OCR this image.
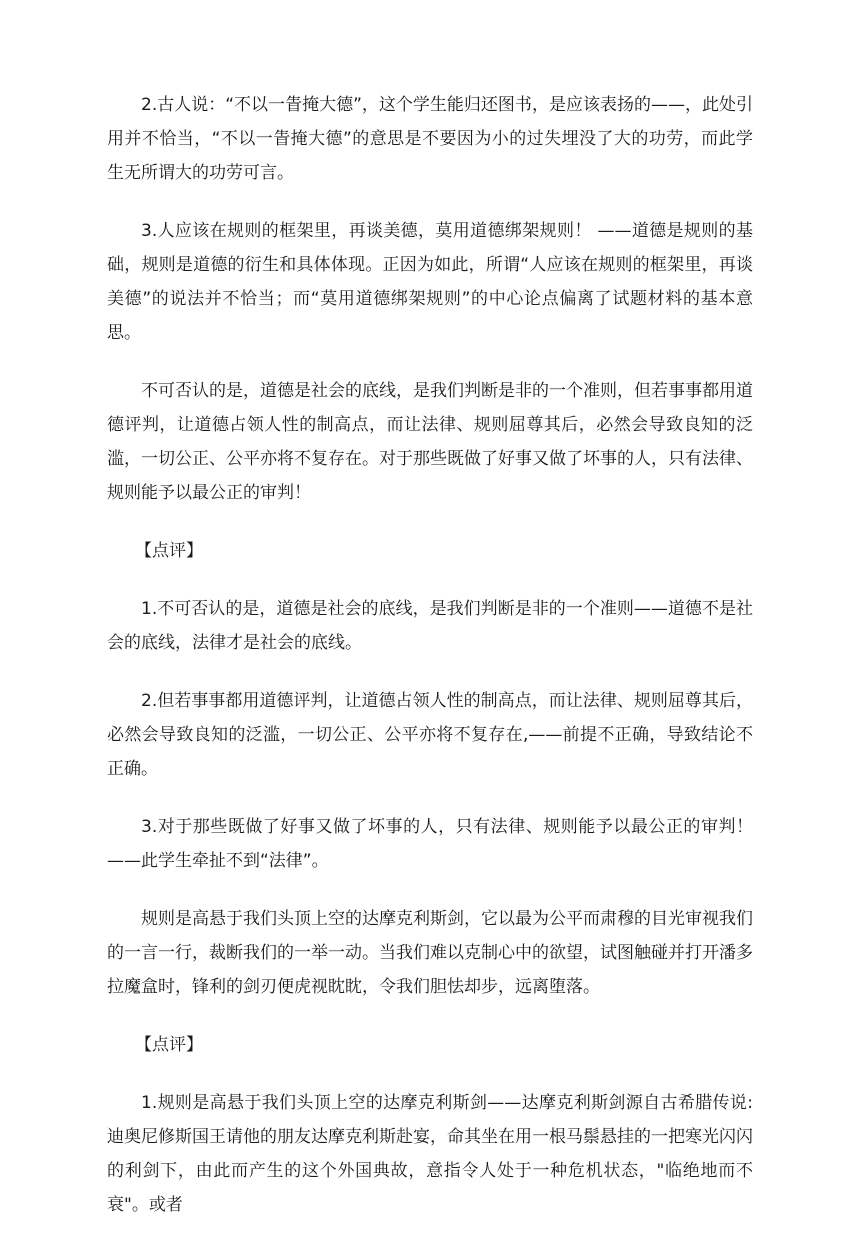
2.古人说：“不以一眚掩大德”，这个学生能归还图书，是应该表扬的——，此处引用并不恰当，“不以一眚掩大德”的意思是不要因为小的过失埋没了大的功劳，而此学生无所谓大的功劳可言。

3.人应该在规则的框架里，再谈美德，莫用道德绑架规则！ ——道德是规则的基础，规则是道德的衍生和具体体现。正因为如此，所谓“人应该在规则的框架里，再谈美德”的说法并不恰当；而“莫用道德绑架规则”的中心论点偏离了试题材料的基本意思。

不可否认的是，道德是社会的底线，是我们判断是非的一个准则，但若事事都用道德评判，让道德占领人性的制高点，而让法律、规则屈尊其后，必然会导致良知的泛滥，一切公正、公平亦将不复存在。对于那些既做了好事又做了坏事的人，只有法律、规则能予以最公正的审判！

【点评】

1.不可否认的是，道德是社会的底线，是我们判断是非的一个准则——道德不是社会的底线，法律才是社会的底线。

2.但若事事都用道德评判，让道德占领人性的制高点，而让法律、规则屈尊其后，必然会导致良知的泛滥，一切公正、公平亦将不复存在,——前提不正确，导致结论不正确。

3.对于那些既做了好事又做了坏事的人，只有法律、规则能予以最公正的审判！——此学生牵扯不到“法律”。

规则是高悬于我们头顶上空的达摩克利斯剑，它以最为公平而肃穆的目光审视我们的一言一行，裁断我们的一举一动。当我们难以克制心中的欲望，试图触碰并打开潘多拉魔盒时，锋利的剑刃便虎视眈眈，令我们胆怯却步，远离堕落。

【点评】

1.规则是高悬于我们头顶上空的达摩克利斯剑——达摩克利斯剑源自古希腊传说:迪奥尼修斯国王请他的朋友达摩克利斯赴宴，命其坐在用一根马鬃悬挂的一把寒光闪闪的利剑下，由此而产生的这个外国典故，意指令人处于一种危机状态，"临绝地而不衰"。或者
